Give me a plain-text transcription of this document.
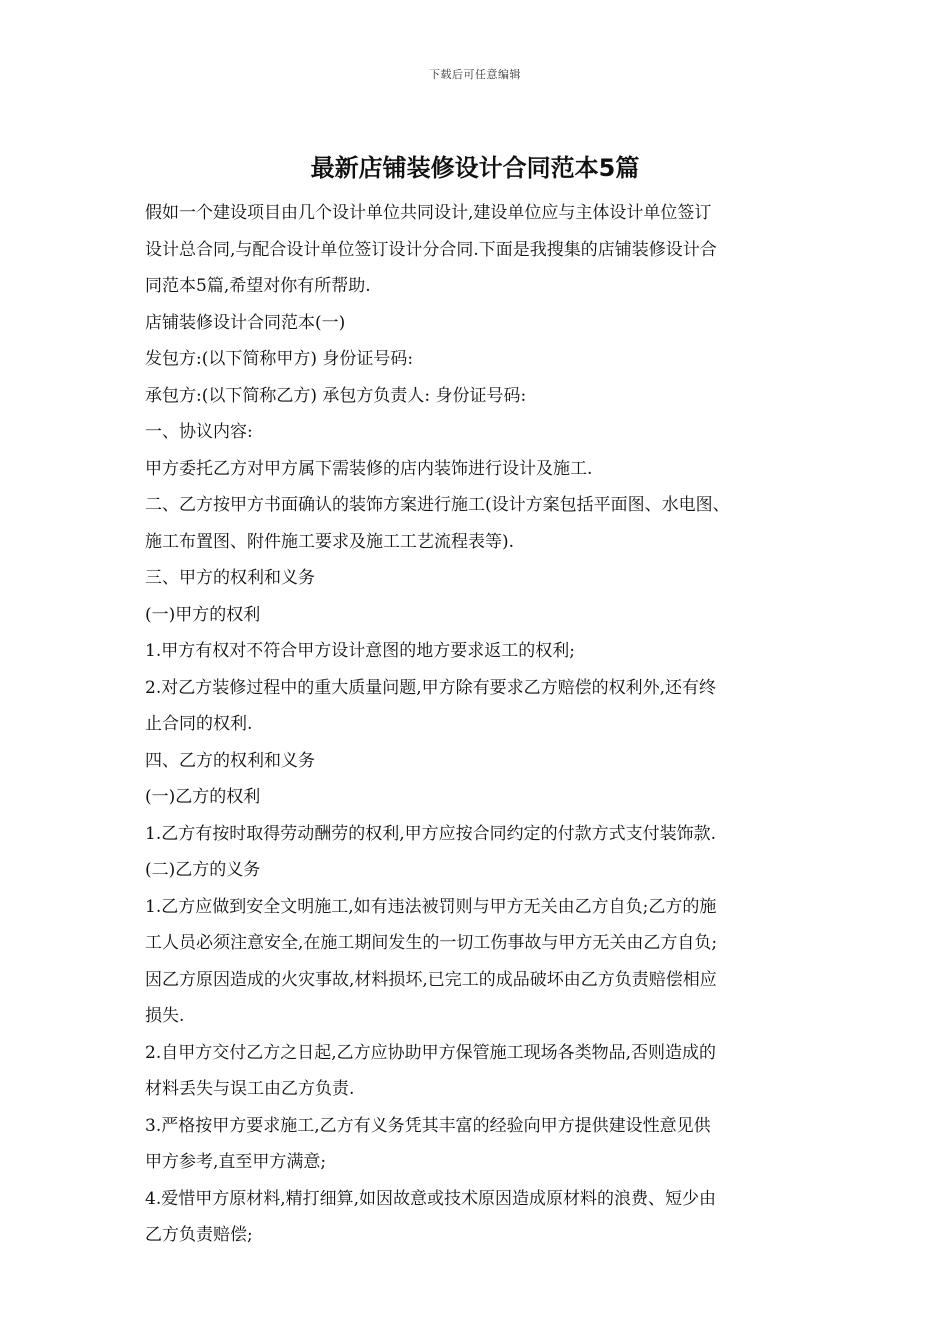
下载后可任意编辑
最新店铺装修设计合同范本5篇
假如一个建设项目由几个设计单位共同设计,建设单位应与主体设计单位签订
设计总合同,与配合设计单位签订设计分合同.下面是我搜集的店铺装修设计合
同范本5篇,希望对你有所帮助.
店铺装修设计合同范本(一)
发包方:(以下简称甲方) 身份证号码:
承包方:(以下简称乙方) 承包方负责人: 身份证号码:
一、协议内容:
甲方委托乙方对甲方属下需装修的店内装饰进行设计及施工.
二、乙方按甲方书面确认的装饰方案进行施工(设计方案包括平面图、水电图、
施工布置图、附件施工要求及施工工艺流程表等).
三、甲方的权利和义务
(一)甲方的权利
1.甲方有权对不符合甲方设计意图的地方要求返工的权利;
2.对乙方装修过程中的重大质量问题,甲方除有要求乙方赔偿的权利外,还有终
止合同的权利.
四、乙方的权利和义务
(一)乙方的权利
1.乙方有按时取得劳动酬劳的权利,甲方应按合同约定的付款方式支付装饰款.
(二)乙方的义务
1.乙方应做到安全文明施工,如有违法被罚则与甲方无关由乙方自负;乙方的施
工人员必须注意安全,在施工期间发生的一切工伤事故与甲方无关由乙方自负;
因乙方原因造成的火灾事故,材料损坏,已完工的成品破坏由乙方负责赔偿相应
损失.
2.自甲方交付乙方之日起,乙方应协助甲方保管施工现场各类物品,否则造成的
材料丢失与误工由乙方负责.
3.严格按甲方要求施工,乙方有义务凭其丰富的经验向甲方提供建设性意见供
甲方参考,直至甲方满意;
4.爱惜甲方原材料,精打细算,如因故意或技术原因造成原材料的浪费、短少由
乙方负责赔偿;
